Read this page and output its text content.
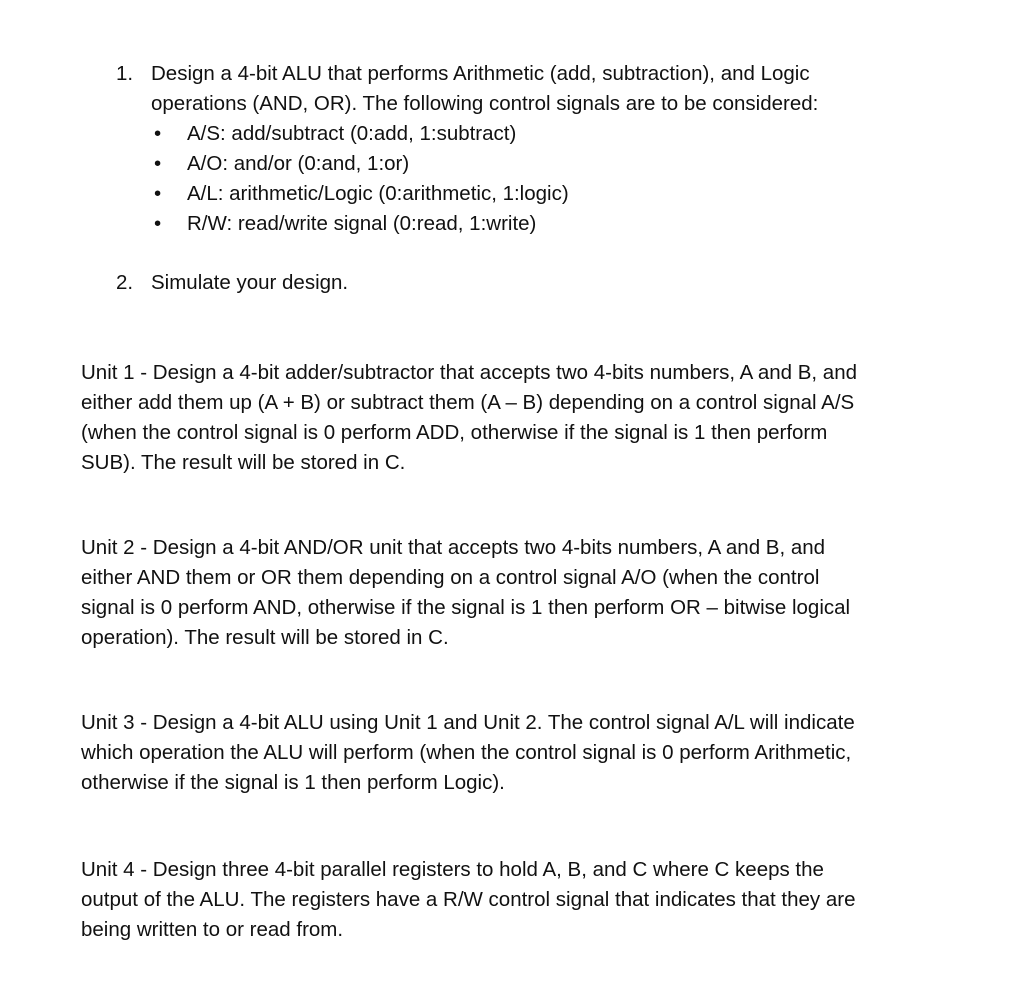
1. Design a 4-bit ALU that performs Arithmetic (add, subtraction), and Logic
operations (AND, OR). The following control signals are to be considered:
• A/S: add/subtract (0:add, 1:subtract)
• A/O: and/or (0:and, 1:or)
• A/L: arithmetic/Logic (0:arithmetic, 1:logic)
• R/W: read/write signal (0:read, 1:write)
2. Simulate your design.
Unit 1 - Design a 4-bit adder/subtractor that accepts two 4-bits numbers, A and B, and
either add them up (A + B) or subtract them (A – B) depending on a control signal A/S
(when the control signal is 0 perform ADD, otherwise if the signal is 1 then perform
SUB). The result will be stored in C.
Unit 2 - Design a 4-bit AND/OR unit that accepts two 4-bits numbers, A and B, and
either AND them or OR them depending on a control signal A/O (when the control
signal is 0 perform AND, otherwise if the signal is 1 then perform OR – bitwise logical
operation). The result will be stored in C.
Unit 3 - Design a 4-bit ALU using Unit 1 and Unit 2. The control signal A/L will indicate
which operation the ALU will perform (when the control signal is 0 perform Arithmetic,
otherwise if the signal is 1 then perform Logic).
Unit 4 - Design three 4-bit parallel registers to hold A, B, and C where C keeps the
output of the ALU. The registers have a R/W control signal that indicates that they are
being written to or read from.
